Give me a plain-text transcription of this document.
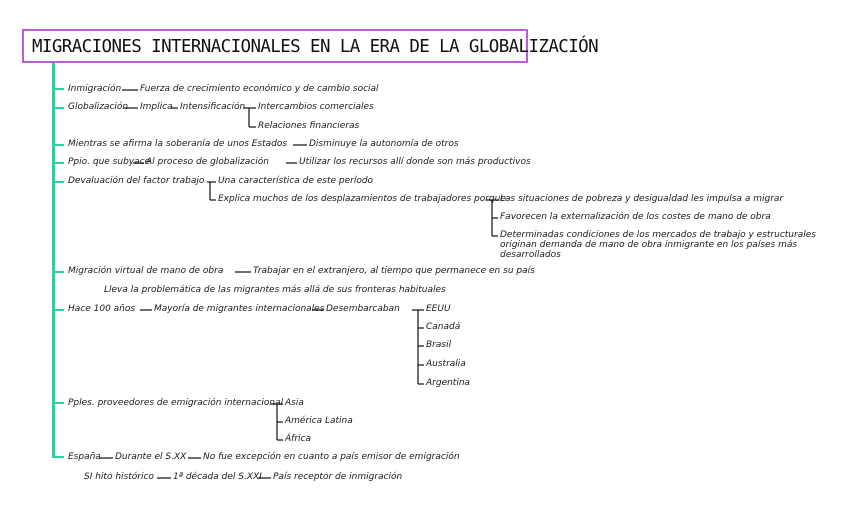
MIGRACIONES INTERNACIONALES EN LA ERA DE LA GLOBALIZACIÓN
Inmigración Fuerza de crecimiento económico y de cambio social
Globalización Implica Intensificación Intercambios comerciales
Relaciones financieras
Mientras se afirma la soberanía de unos Estados Disminuye la autonomía de otros
Ppio. que subyace
Al proceso de globalización	Utilizar los recursos allí donde son más productivos
Devaluación del factor trabajo Una característica de este período
Explica muchos de los desplazamientos de trabajadores porque
Las situaciones de pobreza y desigualdad les impulsa a migrar
Favorecen la externalización de los costes de mano de obra
Determinadas condiciones de los mercados de trabajo y estructurales originan demanda de mano de obra inmigrante en los países más desarrollados
Migración virtual de mano de obra	Trabajar en el extranjero, al tiempo que permanece en su país
Lleva la problemática de las migrantes más allá de sus fronteras habituales
Hace 100 años Mayoría de migrantes internacionales Desembarcaban	EEUU
Canadá
Brasil
Australia
Argentina
Pples. proveedores de emigración internacional Asia
América Latina
África
España Durante el S.XX No fue excepción en cuanto a país emisor de emigración
SI hito histórico 1ª década del S.XXI País receptor de inmigración
